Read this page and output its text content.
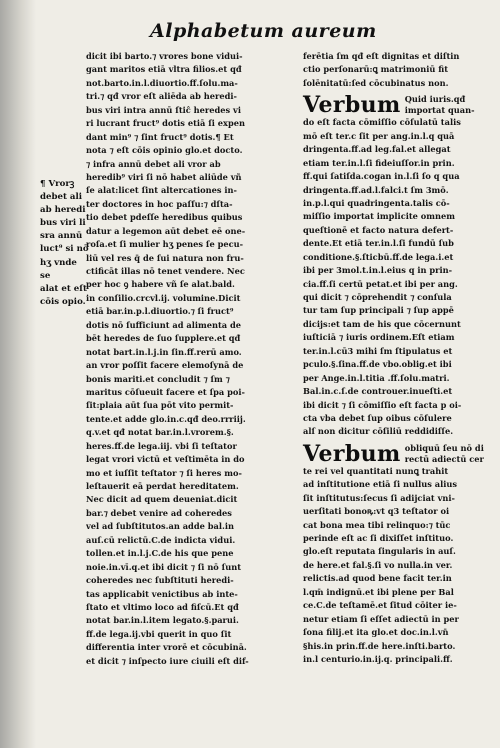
Alphabetum aureum
¶ Vrorꝫ
debet ali
ab heredi
bus viri li
sra annū
luct⁹ si nō
hʒ vnde se
alat et eſt
cōis opio.
dicit ibi barto.⁊ vrores bone vidui-
gant maritos etiā vltra filios.et qđ
not.barto.in.l.diuortio.ff.ſolu.ma-
tri.⁊ qđ vror eſt aliēda ab heredi-
bus viri intra annū ſtiĉ heredes vi
ri lucrant fruct⁹ dotis etiā ſi expen
dant min⁹ ⁊ ſint fruct⁹ dotis.¶ Et
nota ⁊ eſt cōis opinio glo.et docto.
⁊ infra annū debet ali vror ab
heredib⁹ viri ſi nō habet aliūde vñ
ſe alat:licet ſint altercationes in-
ter doctores in hoc paſſu:⁊ dſta-
tio debet pdeſſe heredibus quibus
datur a legemon aūt debet eē one-
roſa.et ſi mulier hʒ penes ſe pecu-
liū vel res q̄ de ſui natura non fru-
ctificāt illas nō tenet vendere. Nec
per hoc ꝯ habere vñ ſe alat.bald.
in conſilio.crcvl.ij. volumine.Dicit
etiā bar.in.p.l.diuortio.⁊ ſi fruct⁹
dotis nō ſufficiunt ad alimenta de
bēt heredes de ſuo ſupplere.et qđ
notat bart.in.l.j.in ſin.ff.rerū amo.
an vror poſſit facere elemoſynā de
bonis mariti.et concludit ⁊ ſm ⁊
maritus cōſueuit facere et ſpa poi-
ſit:plaia aūt ſua pōt vito permit-
tente.et adde glo.in.c.qđ deo.rrriij.
q.v.et qđ notat bar.in.l.vrorem.§.
heres.ff.de lega.iij. vbi ſi teſtator
legat vrori victū et veſtimēta in do
mo et iuſſit teſtator ⁊ ſi heres mo-
leſtauerit eā perdat hereditatem.
Nec dicit ad quem deueniat.dicit
bar.⁊ debet venire ad coheredes
vel ad ſubſtitutos.an adde bal.in
auſ.cū relictū.C.de indicta vidui.
tollen.et in.l.j.C.de his que pene
noie.in.vī.q.et ibi dicit ⁊ ſi nō ſunt
coheredes nec ſubſtituti heredi-
tas applicabit venictibus ab inte-
ſtato et vltimo loco ad fiſcū.Et qđ
notat bar.in.l.item legato.§.parui.
ff.de lega.ij.vbi querit in quo ſit
differentia inter vrorē et cōcubinā.
et dicit ⁊ inſpecto iure ciuili eſt dif-
ferētia ſm qđ eſt dignitas et diſtin
ctio perſonarū:ꝗ matrimoniū fit
ſolēnitatū:ſed cōcubinatus non.
Verbum Quid iuris.qđ
importat quan-
do eſt facta cōmiſſio cōſulatū talis
mō eſt ter.c ſit per ang.in.l.q quā
dringenta.ff.ad leg.fal.et allegat
etiam ter.in.l.ſi fideiuſſor.in prin.
ff.qui ſatiſda.cogan in.l.ſi ſo q qua
dringenta.ff.ad.l.falci.t ſm 3mō.
in.p.l.qui quadringenta.talis cō-
miſſio importat implicite omnem
queſtionē et facto natura defert-
dente.Et etiā ter.in.l.ſi fundū ſub
conditione.§.ſticbū.ff.de lega.i.et
ibi per 3mol.t.in.l.eius q in prin-
cia.ff.ſi certū petat.et ibi per ang.
qui dicit ⁊ cōprehendit ⁊ conſula
tur tam ſup principali ⁊ ſup appē
dicijs:et tam de his que cōcernunt
iuſticiā ⁊ iuris ordinem.Eſt etiam
ter.in.l.cū3 mihi ſm ſtipulatus et
pculo.§.ſina.ff.de vbo.oblig.et ibi
per Ange.in.l.titia .ff.ſolu.matri.
Bal.in.c.ſ.de controuer.inueſti.et
ibi dicit ⁊ ſi cōmiſſio eſt facta p oi-
cta vba debet ſup oibus cōſulere
alſ non dicitur cōſiliū reddidiſſe.
Verbum obliquū ſeu nō di
rectū adiectū cer
te rei vel quantitati nunꝗ trahit
ad inſtitutione etiā ſi nullus alius
ſit inſtitutus:ſecus ſi adijciat vni-
uerſitati bonoꝶ:vt q3 teſtator oi
cat bona mea tibi relinquo:⁊ tūc
perinde eſt ac ſi dixiſſet inſtituo.
glo.eſt reputata ſingularis in auſ.
de here.et fal.§.ſi vo nulla.in ver.
relictis.ad quod bene facit ter.in
l.qm̄ indignū.et ibi plene per Bal
ce.C.de teſtamē.et ſitud cōiter ie-
netur etiam ſi eſſet adiectū in per
ſona filij.et ita glo.et doc.in.l.vn̄
§his.in prin.ff.de here.inſti.barto.
in.l centurio.in.ij.q. principali.ff.
